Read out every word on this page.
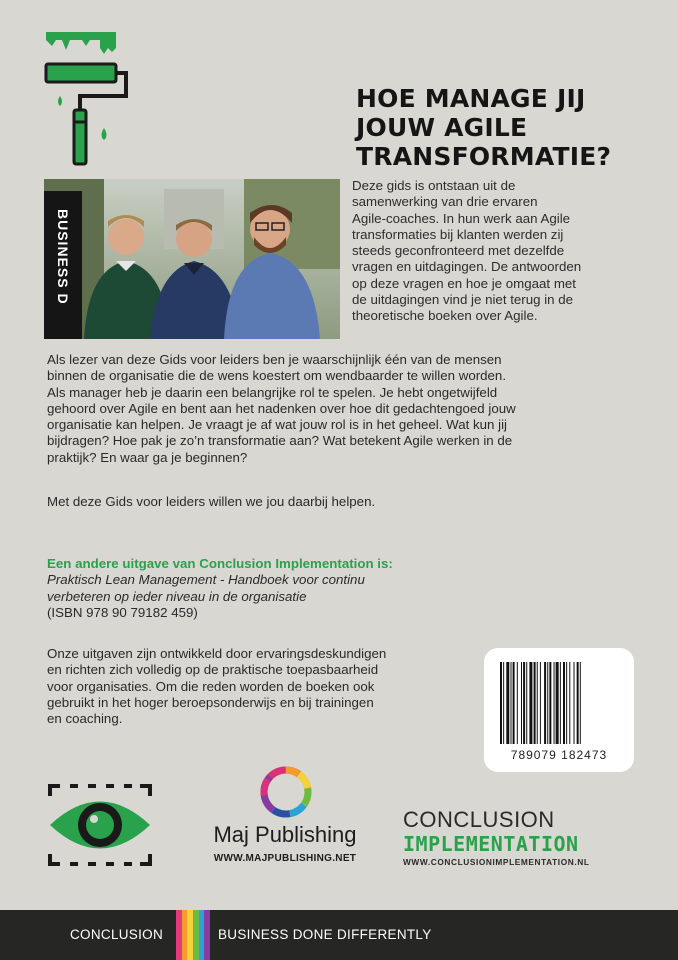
HOE MANAGE JIJ
JOUW AGILE
TRANSFORMATIE?
BUSINESS D
Deze gids is ontstaan uit de
samenwerking van drie ervaren
Agile-coaches. In hun werk aan Agile
transformaties bij klanten werden zij
steeds geconfronteerd met dezelfde
vragen en uitdagingen. De antwoorden
op deze vragen en hoe je omgaat met
de uitdagingen vind je niet terug in de
theoretische boeken over Agile.
Als lezer van deze Gids voor leiders ben je waarschijnlijk één van de mensen
binnen de organisatie die de wens koestert om wendbaarder te willen worden.
Als manager heb je daarin een belangrijke rol te spelen. Je hebt ongetwijfeld
gehoord over Agile en bent aan het nadenken over hoe dit gedachtengoed jouw
organisatie kan helpen. Je vraagt je af wat jouw rol is in het geheel. Wat kun jij
bijdragen? Hoe pak je zo’n transformatie aan? Wat betekent Agile werken in de
praktijk? En waar ga je beginnen?
Met deze Gids voor leiders willen we jou daarbij helpen.
Een andere uitgave van Conclusion Implementation is:
Praktisch Lean Management - Handboek voor continu
verbeteren op ieder niveau in de organisatie
(ISBN 978 90 79182 459)
Onze uitgaven zijn ontwikkeld door ervaringsdeskundigen
en richten zich volledig op de praktische toepasbaarheid
voor organisaties. Om die reden worden de boeken ook
gebruikt in het hoger beroepsonderwijs en bij trainingen
en coaching.
789079 182473
Maj Publishing
WWW.MAJPUBLISHING.NET
CONCLUSION
IMPLEMENTATION
WWW.CONCLUSIONIMPLEMENTATION.NL
CONCLUSION	BUSINESS DONE DIFFERENTLY
